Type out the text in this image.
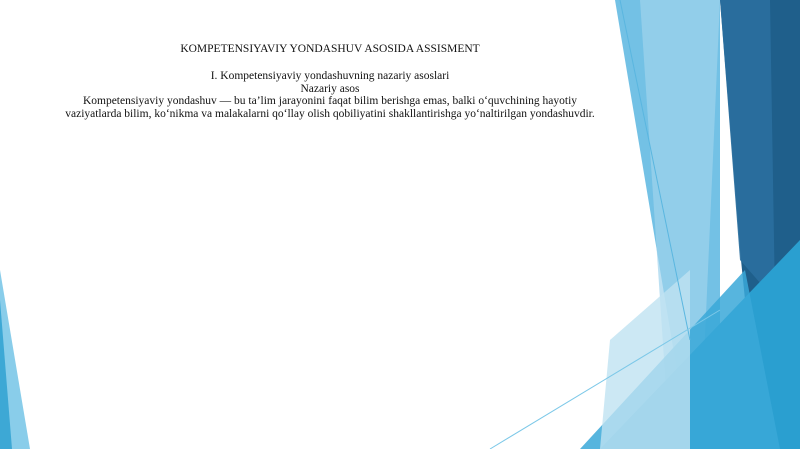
KOMPETENSIYAVIY YONDASHUV ASOSIDA ASSISMENT

I. Kompetensiyaviy yondashuvning nazariy asoslari

Nazariy asos

Kompetensiyaviy yondashuv — bu ta’lim jarayonini faqat bilim berishga emas, balki o‘quvchining hayotiy

vaziyatlarda bilim, ko‘nikma va malakalarni qo‘llay olish qobiliyatini shakllantirishga yo‘naltirilgan yondashuvdir.
